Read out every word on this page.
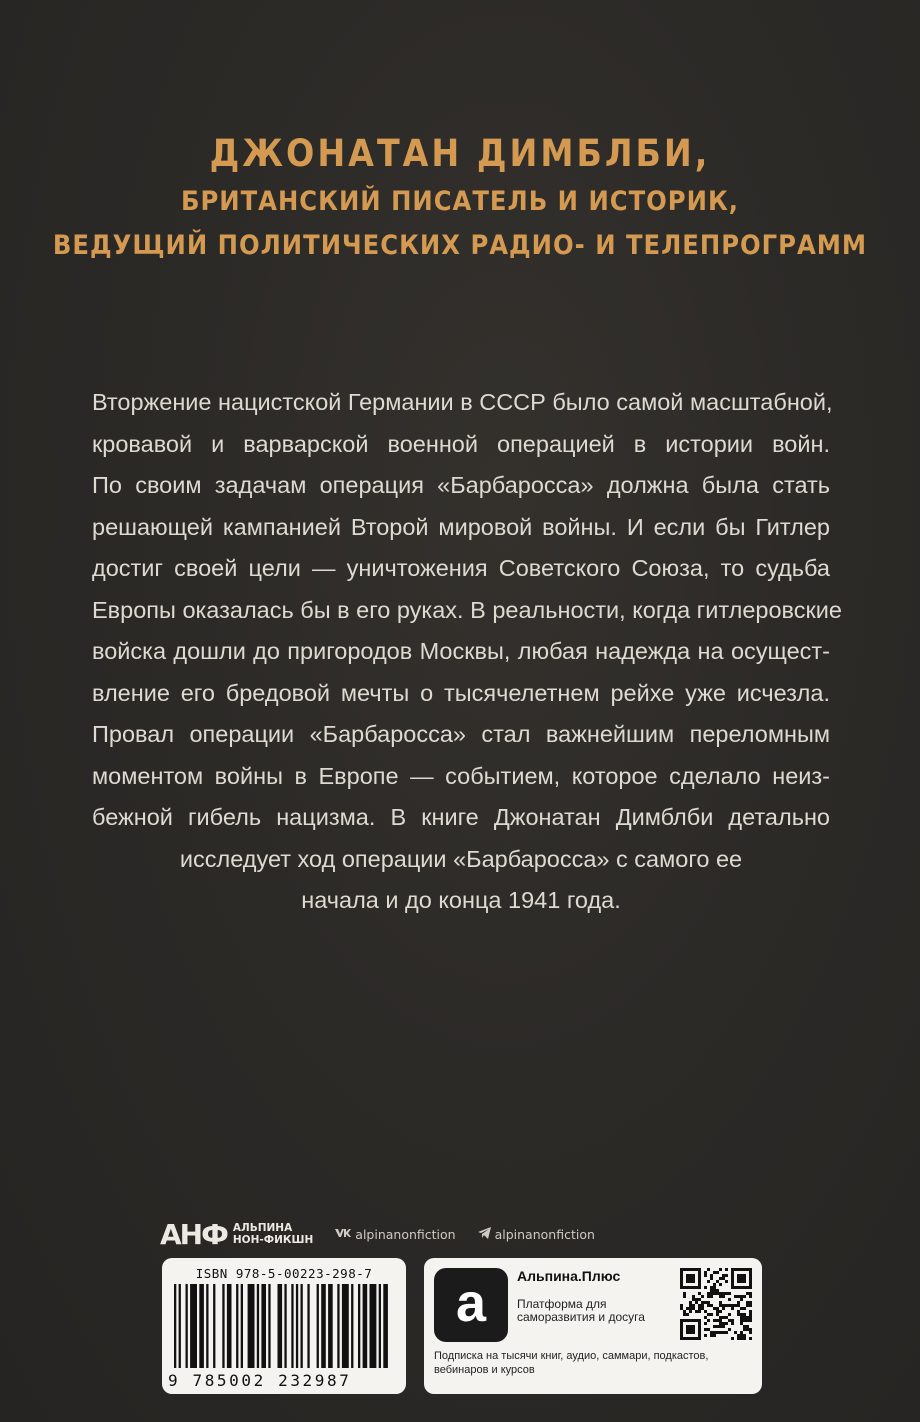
ДЖОНАТАН ДИМБЛБИ,
БРИТАНСКИЙ ПИСАТЕЛЬ И ИСТОРИК,
ВЕДУЩИЙ ПОЛИТИЧЕСКИХ РАДИО- И ТЕЛЕПРОГРАММ
Вторжение нацистской Германии в СССР было самой масштабной,
кровавой и варварской военной операцией в истории войн.
По своим задачам операция «Барбаросса» должна была стать
решающей кампанией Второй мировой войны. И если бы Гитлер
достиг своей цели — уничтожения Советского Союза, то судьба
Европы оказалась бы в его руках. В реальности, когда гитлеровские
войска дошли до пригородов Москвы, любая надежда на осущест-
вление его бредовой мечты о тысячелетнем рейхе уже исчезла.
Провал операции «Барбаросса» стал важнейшим переломным
моментом войны в Европе — событием, которое сделало неиз-
бежной гибель нацизма. В книге Джонатан Димблби детально
исследует ход операции «Барбаросса» с самого ее
начала и до конца 1941 года.
АНФ АЛЬПИНА
НОН-ФИКШН	alpinanonfiction	alpinanonfiction
ISBN 978-5-00223-298-7
9 785002 232987
a	Альпина.Плюс
Платформа для саморазвития и досуга
Подписка на тысячи книг, аудио, саммари, подкастов, вебинаров и курсов
